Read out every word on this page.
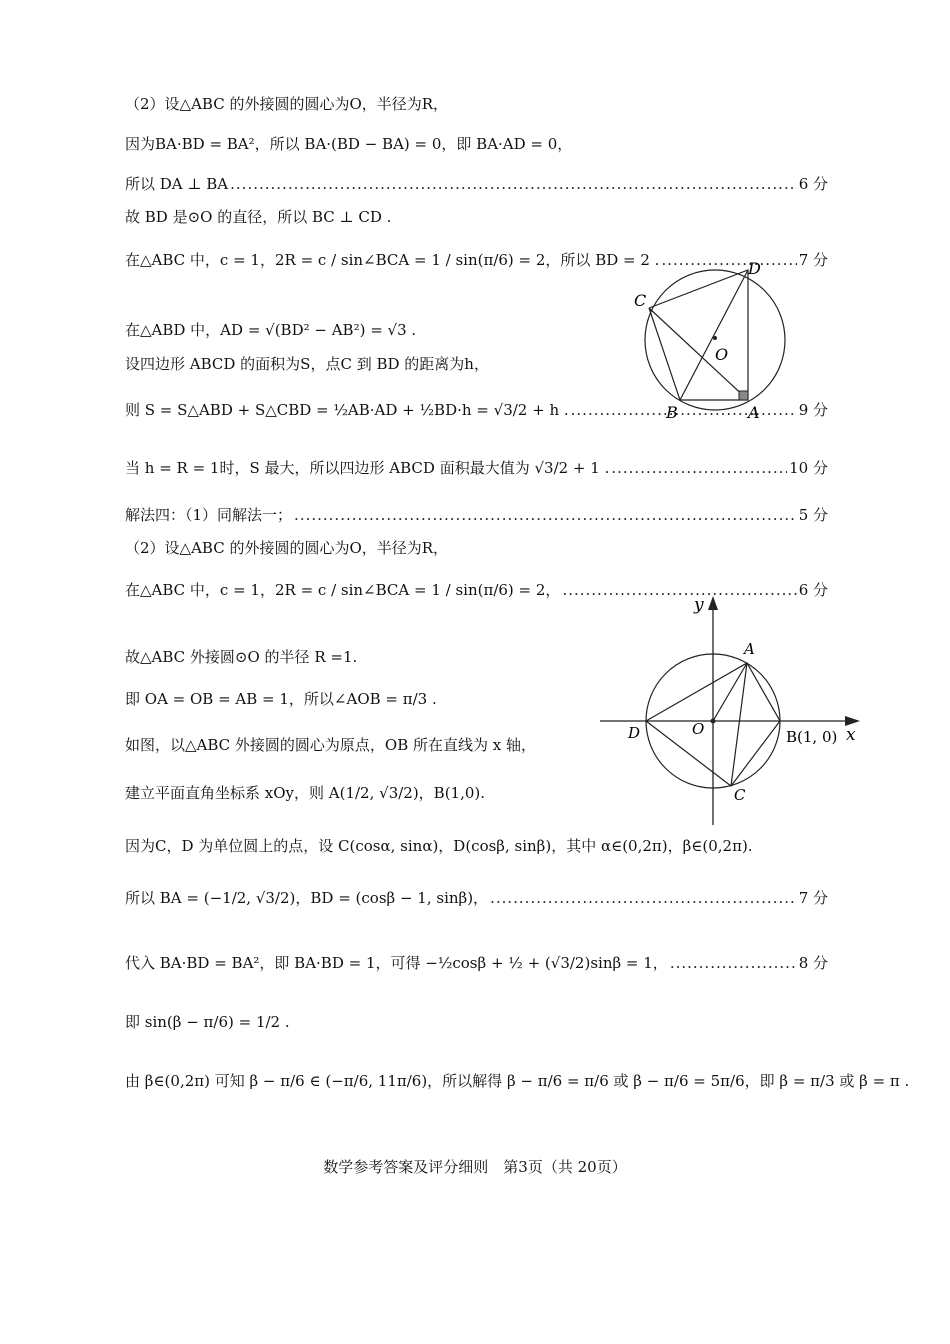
（2）设△ABC 的外接圆的圆心为O，半径为R，
因为BA·BD = BA²，所以 BA·(BD − BA) = 0，即 BA·AD = 0，
所以 DA ⊥ BA .....	6 分
故 BD 是⊙O 的直径，所以 BC ⊥ CD .
在△ABC 中，c = 1，2R = c / sin∠BCA = 1 / sin(π/6) = 2，所以 BD = 2 . .....	7 分
在△ABD 中，AD = √(BD² − AB²) = √3 .
设四边形 ABCD 的面积为S，点C 到 BD 的距离为h，
则 S = S△ABD + S△CBD = ½AB·AD + ½BD·h = √3/2 + h . .....	9 分
当 h = R = 1时，S 最大，所以四边形 ABCD 面积最大值为 √3/2 + 1 . .....	10 分
解法四：（1）同解法一； .....	5 分
（2）设△ABC 的外接圆的圆心为O，半径为R，
在△ABC 中，c = 1，2R = c / sin∠BCA = 1 / sin(π/6) = 2， .....	6 分
故△ABC 外接圆⊙O 的半径 R =1.
即 OA = OB = AB = 1，所以∠AOB = π/3 .
如图，以△ABC 外接圆的圆心为原点，OB 所在直线为 x 轴，
建立平面直角坐标系 xOy，则 A(1/2, √3/2)，B(1,0).
因为C，D 为单位圆上的点，设 C(cosα, sinα)，D(cosβ, sinβ)，其中 α∈(0,2π)，β∈(0,2π).
所以 BA = (−1/2, √3/2)，BD = (cosβ − 1, sinβ)， .....	7 分
代入 BA·BD = BA²，即 BA·BD = 1，可得 −½cosβ + ½ + (√3/2)sinβ = 1， .....	8 分
即 sin(β − π/6) = 1/2 .
由 β∈(0,2π) 可知 β − π/6 ∈ (−π/6, 11π/6)，所以解得 β − π/6 = π/6 或 β − π/6 = 5π/6，即 β = π/3 或 β = π .
C
D
O
B	A
y
x
A
D	O	B(1, 0)
C
数学参考答案及评分细则　第3页（共 20页）
